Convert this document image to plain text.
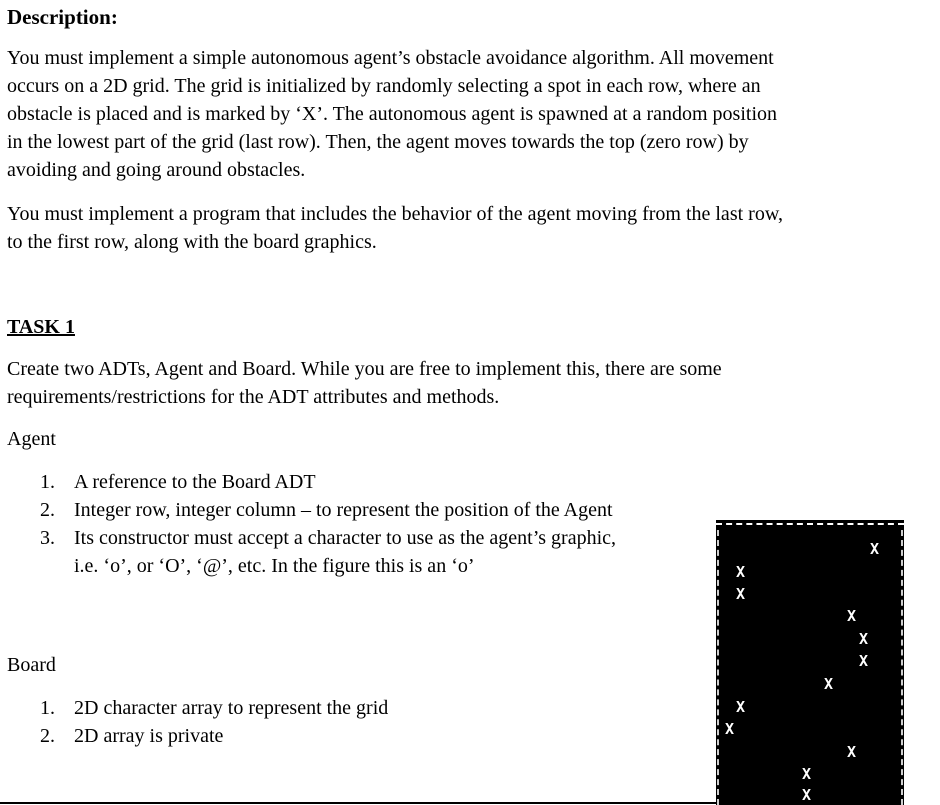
Description:
You must implement a simple autonomous agent’s obstacle avoidance algorithm. All movement
occurs on a 2D grid. The grid is initialized by randomly selecting a spot in each row, where an
obstacle is placed and is marked by ‘X’. The autonomous agent is spawned at a random position
in the lowest part of the grid (last row). Then, the agent moves towards the top (zero row) by
avoiding and going around obstacles.
You must implement a program that includes the behavior of the agent moving from the last row,
to the first row, along with the board graphics.
TASK 1
Create two ADTs, Agent and Board. While you are free to implement this, there are some
requirements/restrictions for the ADT attributes and methods.
Agent
1. A reference to the Board ADT
2. Integer row, integer column – to represent the position of the Agent
3. Its constructor must accept a character to use as the agent’s graphic,
i.e. ‘o’, or ‘O’, ‘@’, etc. In the figure this is an ‘o’
Board
1. 2D character array to represent the grid
2. 2D array is private
X
X
X
X
X
X
X
X
X
X
X
X
